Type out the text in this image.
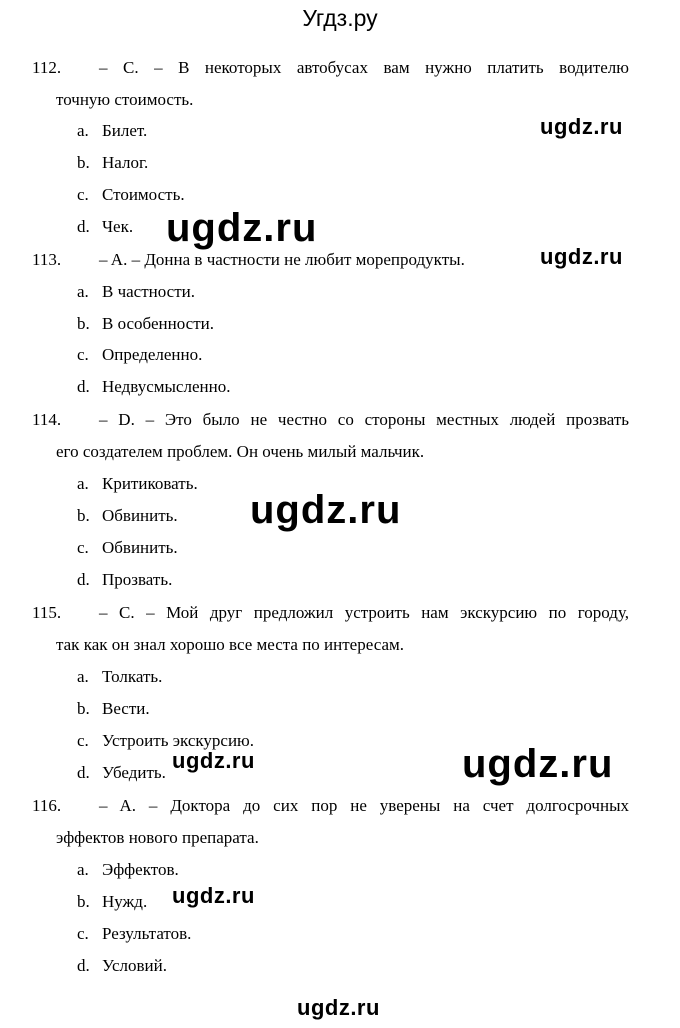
Угдз.ру
112. – C. – В некоторых автобусах вам нужно платить водителю
точную стоимость.
a. Билет.
b. Налог.
c. Стоимость.
d. Чек.
113. – A. – Донна в частности не любит морепродукты.
a. В частности.
b. В особенности.
c. Определенно.
d. Недвусмысленно.
114. – D. – Это было не честно со стороны местных людей прозвать
его создателем проблем. Он очень милый мальчик.
a. Критиковать.
b. Обвинить.
c. Обвинить.
d. Прозвать.
115. – C. – Мой друг предложил устроить нам экскурсию по городу,
так как он знал хорошо все места по интересам.
a. Толкать.
b. Вести.
c. Устроить экскурсию.
d. Убедить.
116. – A. – Доктора до сих пор не уверены на счет долгосрочных
эффектов нового препарата.
a. Эффектов.
b. Нужд.
c. Результатов.
d. Условий.
ugdz.ru
ugdz.ru
ugdz.ru
ugdz.ru
ugdz.ru	ugdz.ru
ugdz.ru
ugdz.ru
